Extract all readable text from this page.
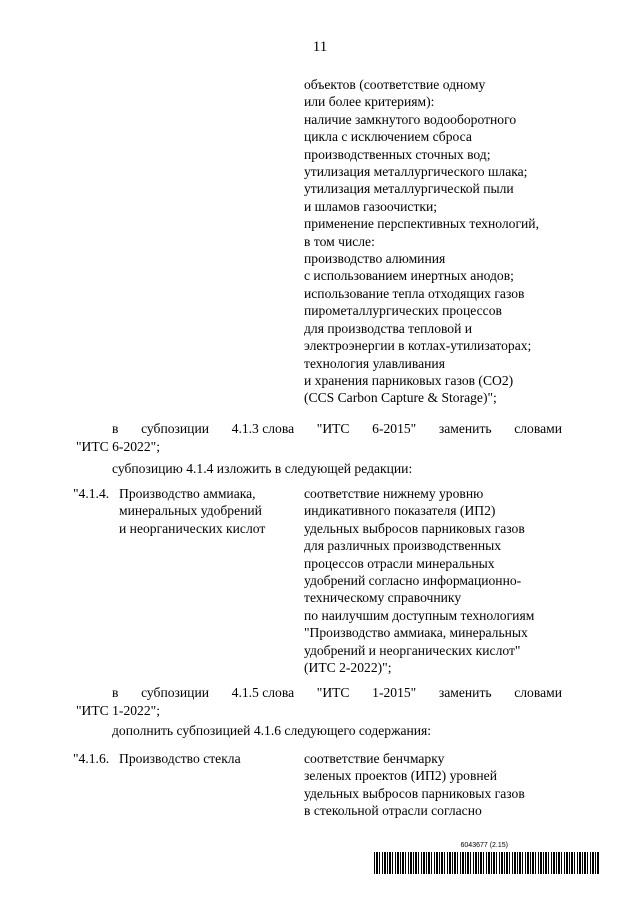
11
объектов (соответствие одному
или более критериям):
наличие замкнутого водооборотного
цикла с исключением сброса
производственных сточных вод;
утилизация металлургического шлака;
утилизация металлургической пыли
и шламов газоочистки;
применение перспективных технологий,
в том числе:
производство алюминия
с использованием инертных анодов;
использование тепла отходящих газов
пирометаллургических процессов
для производства тепловой и
электроэнергии в котлах-утилизаторах;
технология улавливания
и хранения парниковых газов (CO2)
(CCS Carbon Capture & Storage)";
в субпозиции 4.1.3 слова "ИТС 6-2015" заменить словами
"ИТС 6-2022";
субпозицию 4.1.4 изложить в следующей редакции:
"4.1.4. Производство аммиака,
минеральных удобрений
и неорганических кислот
соответствие нижнему уровню
индикативного показателя (ИП2)
удельных выбросов парниковых газов
для различных производственных
процессов отрасли минеральных
удобрений согласно информационно-
техническому справочнику
по наилучшим доступным технологиям
"Производство аммиака, минеральных
удобрений и неорганических кислот"
(ИТС 2-2022)";
в субпозиции 4.1.5 слова "ИТС 1-2015" заменить словами
"ИТС 1-2022";
дополнить субпозицией 4.1.6 следующего содержания:
"4.1.6. Производство стекла	соответствие бенчмарку
зеленых проектов (ИП2) уровней
удельных выбросов парниковых газов
в стекольной отрасли согласно
6043677 (2.15)
